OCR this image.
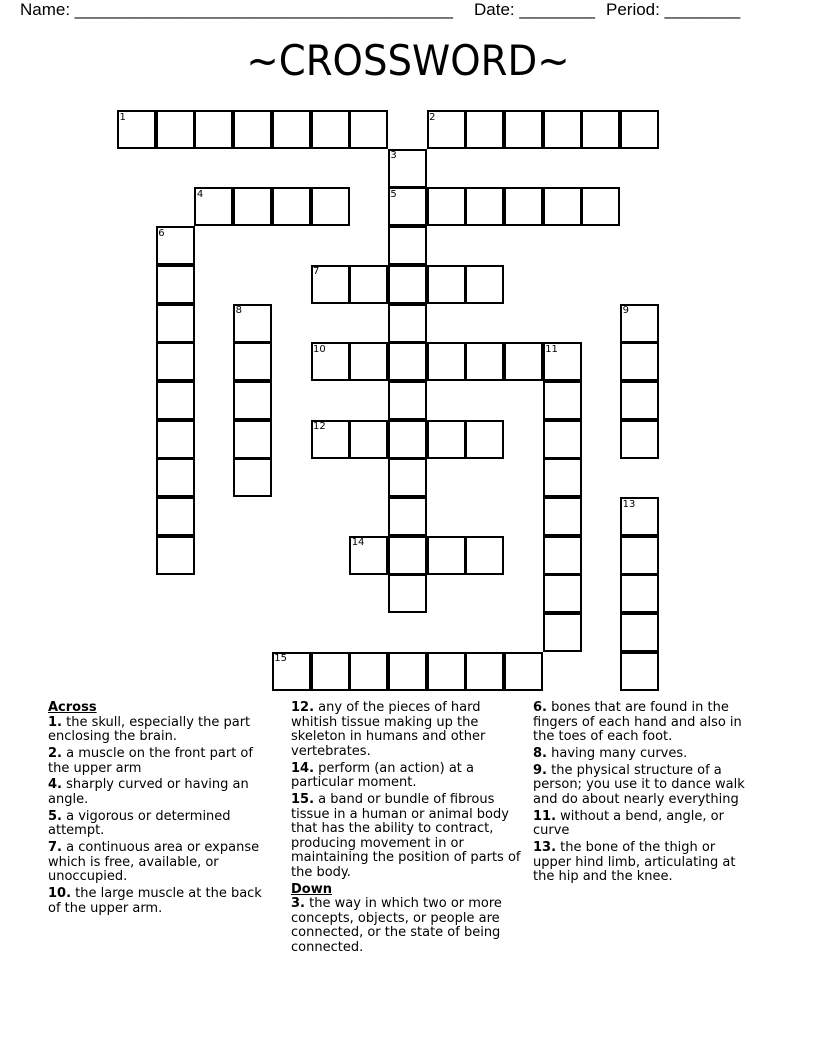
Name: ________________________________________ Date: ________ Period: ________
~CROSSWORD~
1	2
3
4	5
6
7
8	9
10	11
12
13
14
15

Across

1. the skull, especially the part enclosing the brain.

2. a muscle on the front part of the upper arm

4. sharply curved or having an angle.

5. a vigorous or determined attempt.

7. a continuous area or expanse which is free, available, or unoccupied.

10. the large muscle at the back of the upper arm.

12. any of the pieces of hard whitish tissue making up the skeleton in humans and other vertebrates.

14. perform (an action) at a particular moment.

15. a band or bundle of fibrous tissue in a human or animal body that has the ability to contract, producing movement in or maintaining the position of parts of the body.

Down

3. the way in which two or more concepts, objects, or people are connected, or the state of being connected.

6. bones that are found in the fingers of each hand and also in the toes of each foot.

8. having many curves.

9. the physical structure of a person; you use it to dance walk and do about nearly everything

11. without a bend, angle, or curve

13. the bone of the thigh or upper hind limb, articulating at the hip and the knee.
